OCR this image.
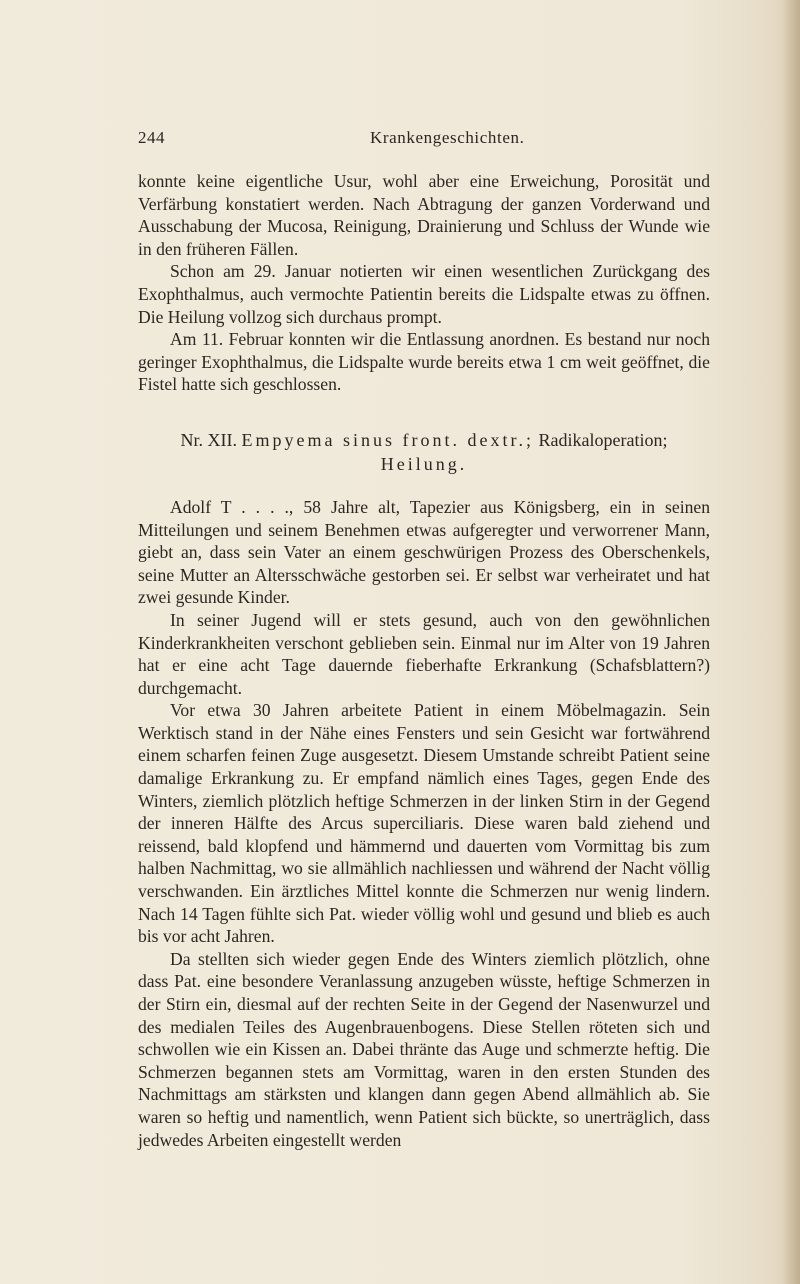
244	Krankengeschichten.

konnte keine eigentliche Usur, wohl aber eine Erweichung, Porosität und Verfärbung konstatiert werden. Nach Abtragung der ganzen Vorderwand und Ausschabung der Mucosa, Reinigung, Drainierung und Schluss der Wunde wie in den früheren Fällen.

Schon am 29. Januar notierten wir einen wesentlichen Zurückgang des Exophthalmus, auch vermochte Patientin bereits die Lidspalte etwas zu öffnen. Die Heilung vollzog sich durchaus prompt.

Am 11. Februar konnten wir die Entlassung anordnen. Es bestand nur noch geringer Exophthalmus, die Lidspalte wurde bereits etwa 1 cm weit geöffnet, die Fistel hatte sich geschlossen.

Nr. XII. Empyema sinus front. dextr.; Radikaloperation;
Heilung.

Adolf T . . . ., 58 Jahre alt, Tapezier aus Königsberg, ein in seinen Mitteilungen und seinem Benehmen etwas aufgeregter und verworrener Mann, giebt an, dass sein Vater an einem geschwürigen Prozess des Oberschenkels, seine Mutter an Altersschwäche gestorben sei. Er selbst war verheiratet und hat zwei gesunde Kinder.

In seiner Jugend will er stets gesund, auch von den gewöhnlichen Kinderkrankheiten verschont geblieben sein. Einmal nur im Alter von 19 Jahren hat er eine acht Tage dauernde fieberhafte Erkrankung (Schafsblattern?) durchgemacht.

Vor etwa 30 Jahren arbeitete Patient in einem Möbelmagazin. Sein Werktisch stand in der Nähe eines Fensters und sein Gesicht war fortwährend einem scharfen feinen Zuge ausgesetzt. Diesem Umstande schreibt Patient seine damalige Erkrankung zu. Er empfand nämlich eines Tages, gegen Ende des Winters, ziemlich plötzlich heftige Schmerzen in der linken Stirn in der Gegend der inneren Hälfte des Arcus superciliaris. Diese waren bald ziehend und reissend, bald klopfend und hämmernd und dauerten vom Vormittag bis zum halben Nachmittag, wo sie allmählich nachliessen und während der Nacht völlig verschwanden. Ein ärztliches Mittel konnte die Schmerzen nur wenig lindern. Nach 14 Tagen fühlte sich Pat. wieder völlig wohl und gesund und blieb es auch bis vor acht Jahren.

Da stellten sich wieder gegen Ende des Winters ziemlich plötzlich, ohne dass Pat. eine besondere Veranlassung anzugeben wüsste, heftige Schmerzen in der Stirn ein, diesmal auf der rechten Seite in der Gegend der Nasenwurzel und des medialen Teiles des Augenbrauenbogens. Diese Stellen röteten sich und schwollen wie ein Kissen an. Dabei thränte das Auge und schmerzte heftig. Die Schmerzen begannen stets am Vormittag, waren in den ersten Stunden des Nachmittags am stärksten und klangen dann gegen Abend allmählich ab. Sie waren so heftig und namentlich, wenn Patient sich bückte, so unerträglich, dass jedwedes Arbeiten eingestellt werden
